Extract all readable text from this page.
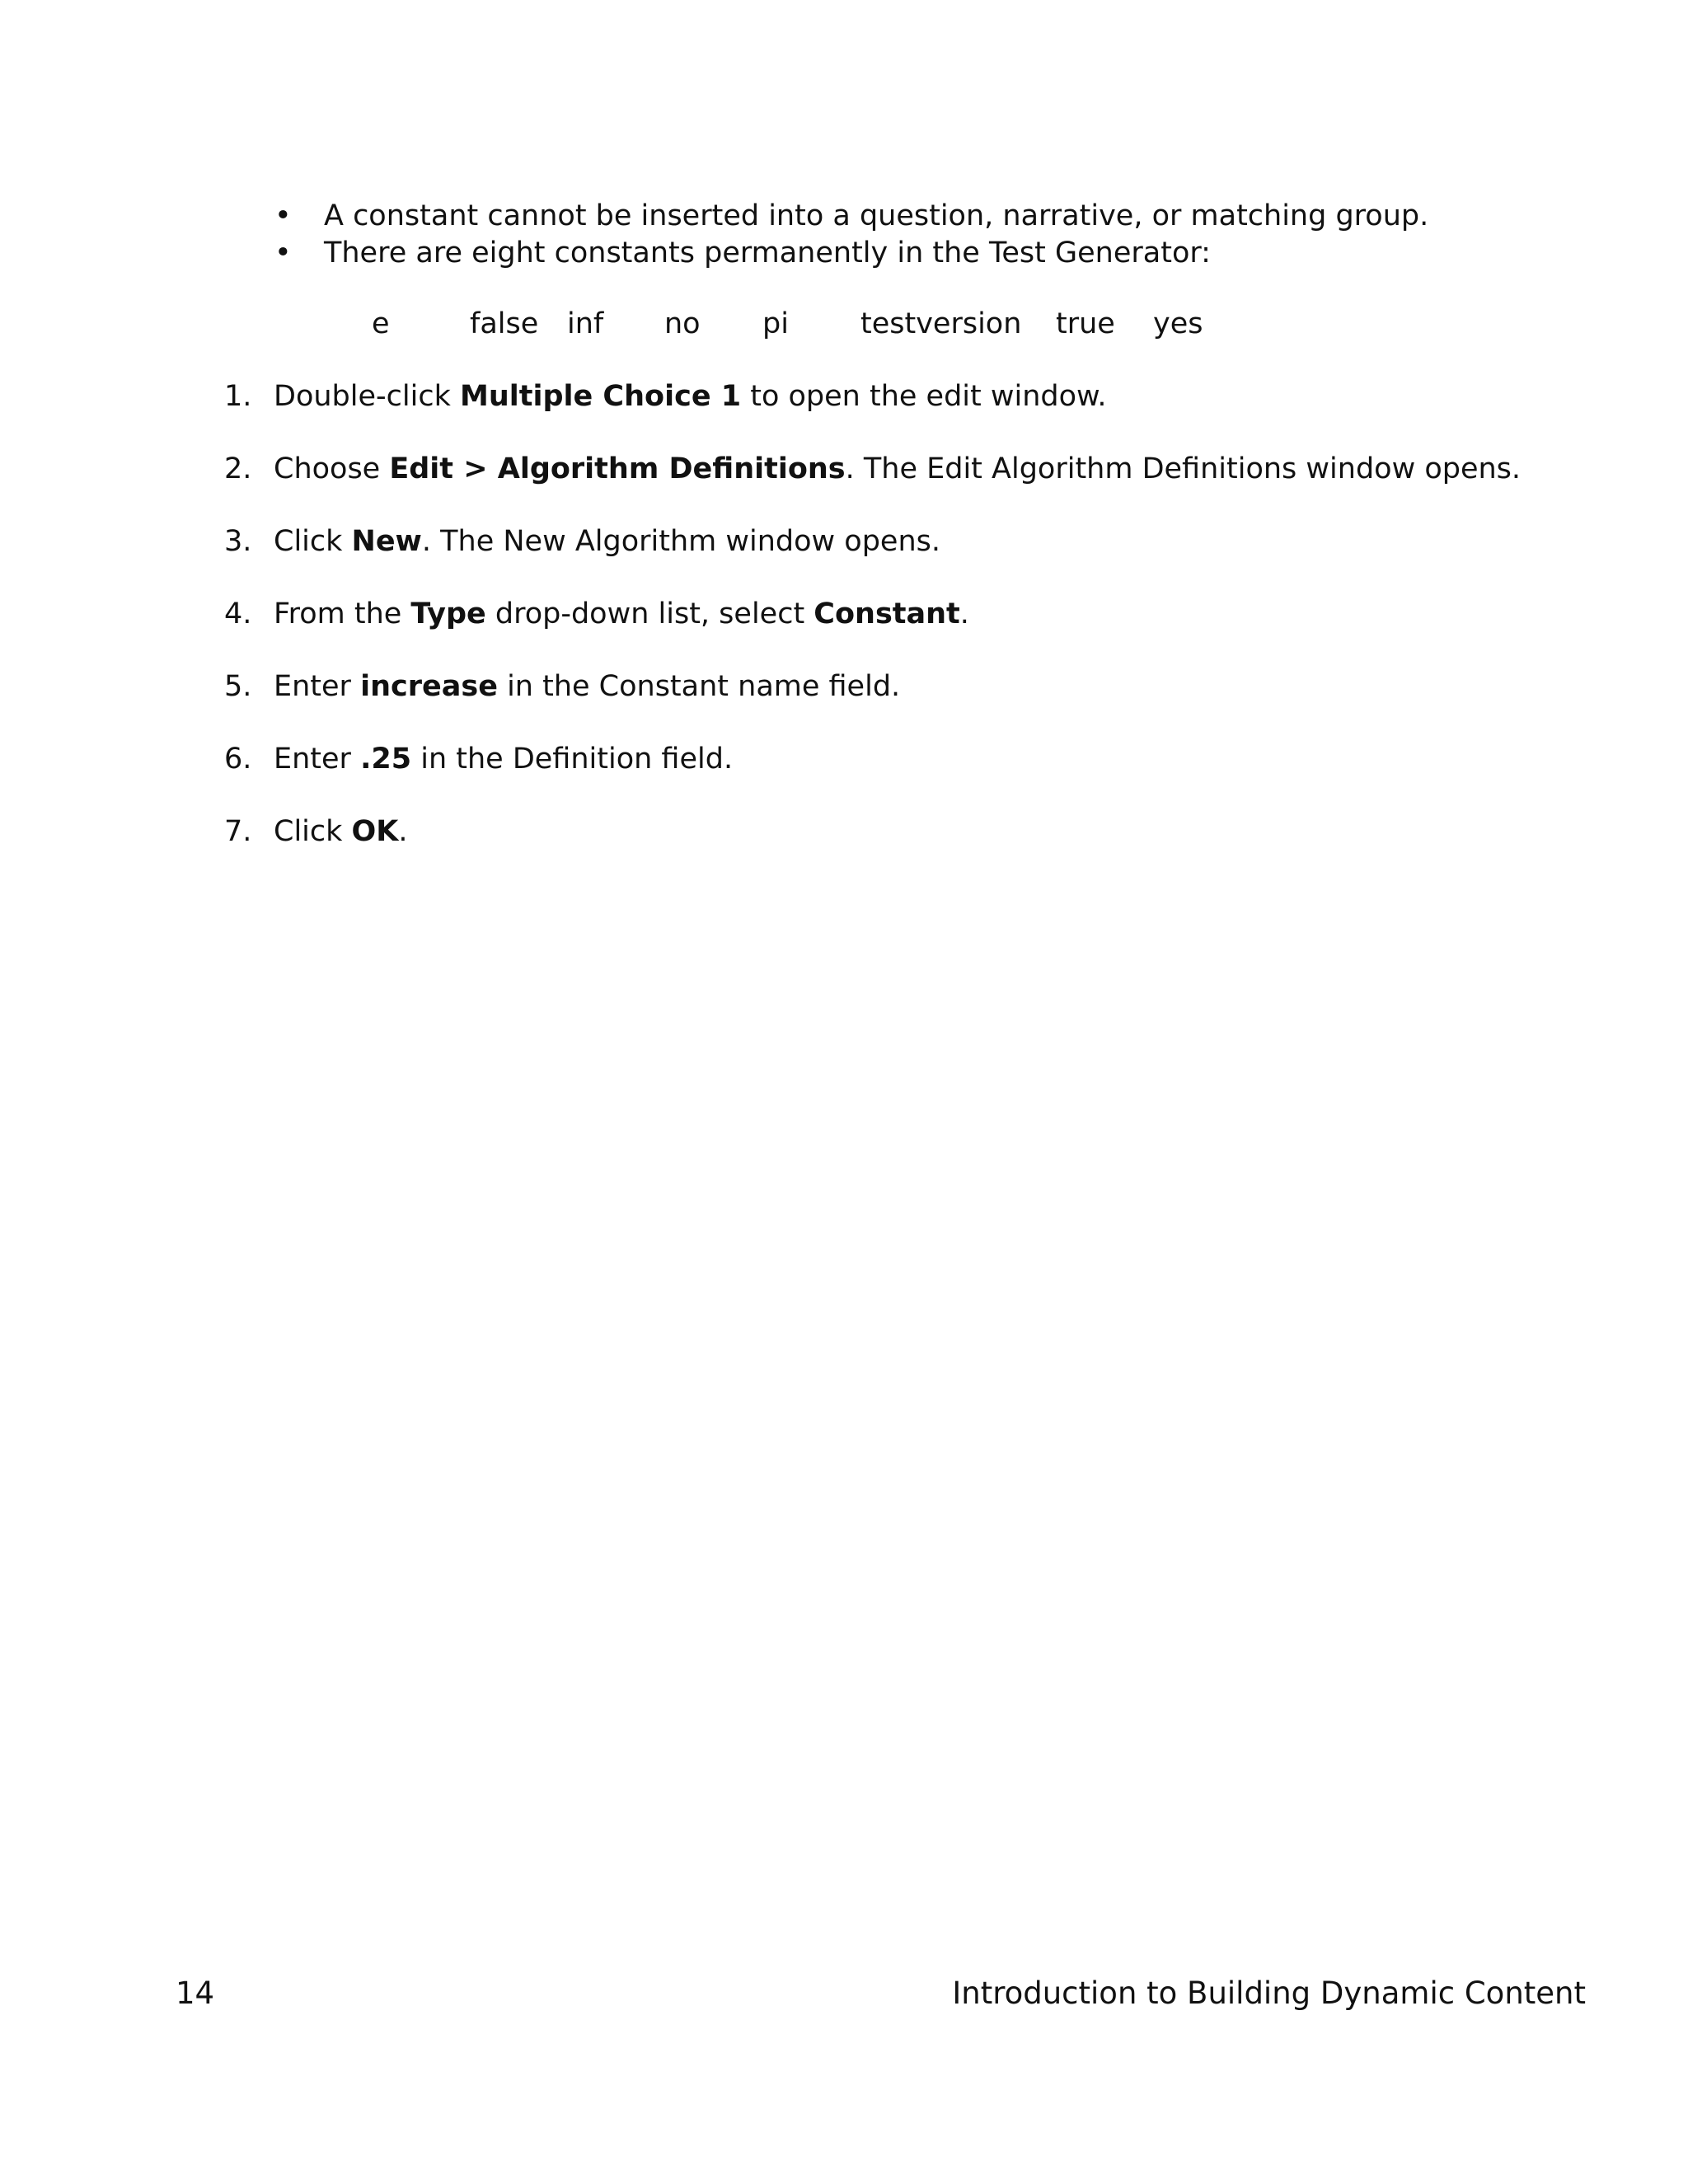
• A constant cannot be inserted into a question, narrative, or matching group.
• There are eight constants permanently in the Test Generator:
e	false inf no pi testversion true yes
1. Double-click Multiple Choice 1 to open the edit window.
2. Choose Edit > Algorithm Definitions. The Edit Algorithm Definitions window opens.
3. Click New. The New Algorithm window opens.
4. From the Type drop-down list, select Constant.
5. Enter increase in the Constant name field.
6. Enter .25 in the Definition field.
7. Click OK.
14	Introduction to Building Dynamic Content
